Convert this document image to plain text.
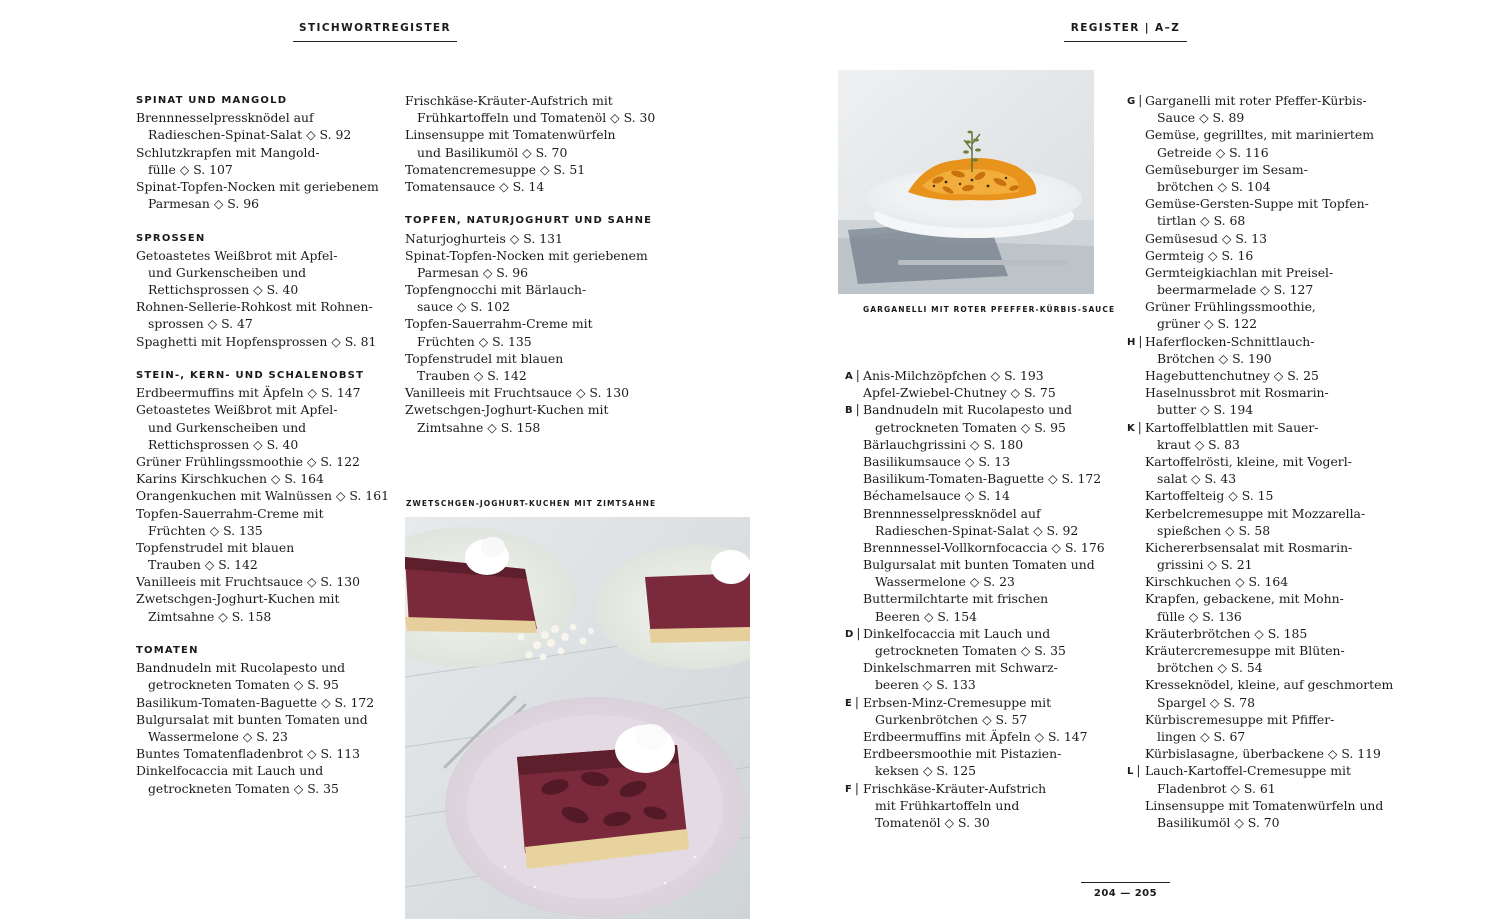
STICHWORTREGISTER	REGISTER | A–Z
SPINAT UND MANGOLD
Brennnesselpressknödel auf
Radieschen-Spinat-Salat ◇ S. 92
Schlutzkrapfen mit Mangold-
fülle ◇ S. 107
Spinat-Topfen-Nocken mit geriebenem
Parmesan ◇ S. 96
SPROSSEN
Getoastetes Weißbrot mit Apfel-
und Gurkenscheiben und
Rettichsprossen ◇ S. 40
Rohnen-Sellerie-Rohkost mit Rohnen-
sprossen ◇ S. 47
Spaghetti mit Hopfensprossen ◇ S. 81
STEIN-, KERN- UND SCHALENOBST
Erdbeermuffins mit Äpfeln ◇ S. 147
Getoastetes Weißbrot mit Apfel-
und Gurkenscheiben und
Rettichsprossen ◇ S. 40
Grüner Frühlingssmoothie ◇ S. 122
Karins Kirschkuchen ◇ S. 164
Orangenkuchen mit Walnüssen ◇ S. 161
Topfen-Sauerrahm-Creme mit
Früchten ◇ S. 135
Topfenstrudel mit blauen
Trauben ◇ S. 142
Vanilleeis mit Fruchtsauce ◇ S. 130
Zwetschgen-Joghurt-Kuchen mit
Zimtsahne ◇ S. 158
TOMATEN
Bandnudeln mit Rucolapesto und
getrockneten Tomaten ◇ S. 95
Basilikum-Tomaten-Baguette ◇ S. 172
Bulgursalat mit bunten Tomaten und
Wassermelone ◇ S. 23
Buntes Tomatenfladenbrot ◇ S. 113
Dinkelfocaccia mit Lauch und
getrockneten Tomaten ◇ S. 35
Frischkäse-Kräuter-Aufstrich mit
Frühkartoffeln und Tomatenöl ◇ S. 30
Linsensuppe mit Tomatenwürfeln
und Basilikumöl ◇ S. 70
Tomatencremesuppe ◇ S. 51
Tomatensauce ◇ S. 14
TOPFEN, NATURJOGHURT UND SAHNE
Naturjoghurteis ◇ S. 131
Spinat-Topfen-Nocken mit geriebenem
Parmesan ◇ S. 96
Topfengnocchi mit Bärlauch-
sauce ◇ S. 102
Topfen-Sauerrahm-Creme mit
Früchten ◇ S. 135
Topfenstrudel mit blauen
Trauben ◇ S. 142
Vanilleeis mit Fruchtsauce ◇ S. 130
Zwetschgen-Joghurt-Kuchen mit
Zimtsahne ◇ S. 158
A | Anis-Milchzöpfchen ◇ S. 193
Apfel-Zwiebel-Chutney ◇ S. 75
B | Bandnudeln mit Rucolapesto und
getrockneten Tomaten ◇ S. 95
Bärlauchgrissini ◇ S. 180
Basilikumsauce ◇ S. 13
Basilikum-Tomaten-Baguette ◇ S. 172
Béchamelsauce ◇ S. 14
Brennnesselpressknödel auf
Radieschen-Spinat-Salat ◇ S. 92
Brennnessel-Vollkornfocaccia ◇ S. 176
Bulgursalat mit bunten Tomaten und
Wassermelone ◇ S. 23
Buttermilchtarte mit frischen
Beeren ◇ S. 154
D | Dinkelfocaccia mit Lauch und
getrockneten Tomaten ◇ S. 35
Dinkelschmarren mit Schwarz-
beeren ◇ S. 133
E | Erbsen-Minz-Cremesuppe mit
Gurkenbrötchen ◇ S. 57
Erdbeermuffins mit Äpfeln ◇ S. 147
Erdbeersmoothie mit Pistazien-
keksen ◇ S. 125
F | Frischkäse-Kräuter-Aufstrich
mit Frühkartoffeln und
Tomatenöl ◇ S. 30
G | Garganelli mit roter Pfeffer-Kürbis-
Sauce ◇ S. 89
Gemüse, gegrilltes, mit mariniertem
Getreide ◇ S. 116
Gemüseburger im Sesam-
brötchen ◇ S. 104
Gemüse-Gersten-Suppe mit Topfen-
tirtlan ◇ S. 68
Gemüsesud ◇ S. 13
Germteig ◇ S. 16
Germteigkiachlan mit Preisel-
beermarmelade ◇ S. 127
Grüner Frühlingssmoothie,
grüner ◇ S. 122
H | Haferflocken-Schnittlauch-
Brötchen ◇ S. 190
Hagebuttenchutney ◇ S. 25
Haselnussbrot mit Rosmarin-
butter ◇ S. 194
K | Kartoffelblattlen mit Sauer-
kraut ◇ S. 83
Kartoffelrösti, kleine, mit Vogerl-
salat ◇ S. 43
Kartoffelteig ◇ S. 15
Kerbelcremesuppe mit Mozzarella-
spießchen ◇ S. 58
Kichererbsensalat mit Rosmarin-
grissini ◇ S. 21
Kirschkuchen ◇ S. 164
Krapfen, gebackene, mit Mohn-
fülle ◇ S. 136
Kräuterbrötchen ◇ S. 185
Kräutercremesuppe mit Blüten-
brötchen ◇ S. 54
Kresseknödel, kleine, auf geschmortem
Spargel ◇ S. 78
Kürbiscremesuppe mit Pfiffer-
lingen ◇ S. 67
Kürbislasagne, überbackene ◇ S. 119
L | Lauch-Kartoffel-Cremesuppe mit
Fladenbrot ◇ S. 61
Linsensuppe mit Tomatenwürfeln und
Basilikumöl ◇ S. 70
GARGANELLI MIT ROTER PFEFFER-KÜRBIS-SAUCE
ZWETSCHGEN-JOGHURT-KUCHEN MIT ZIMTSAHNE
204 — 205
